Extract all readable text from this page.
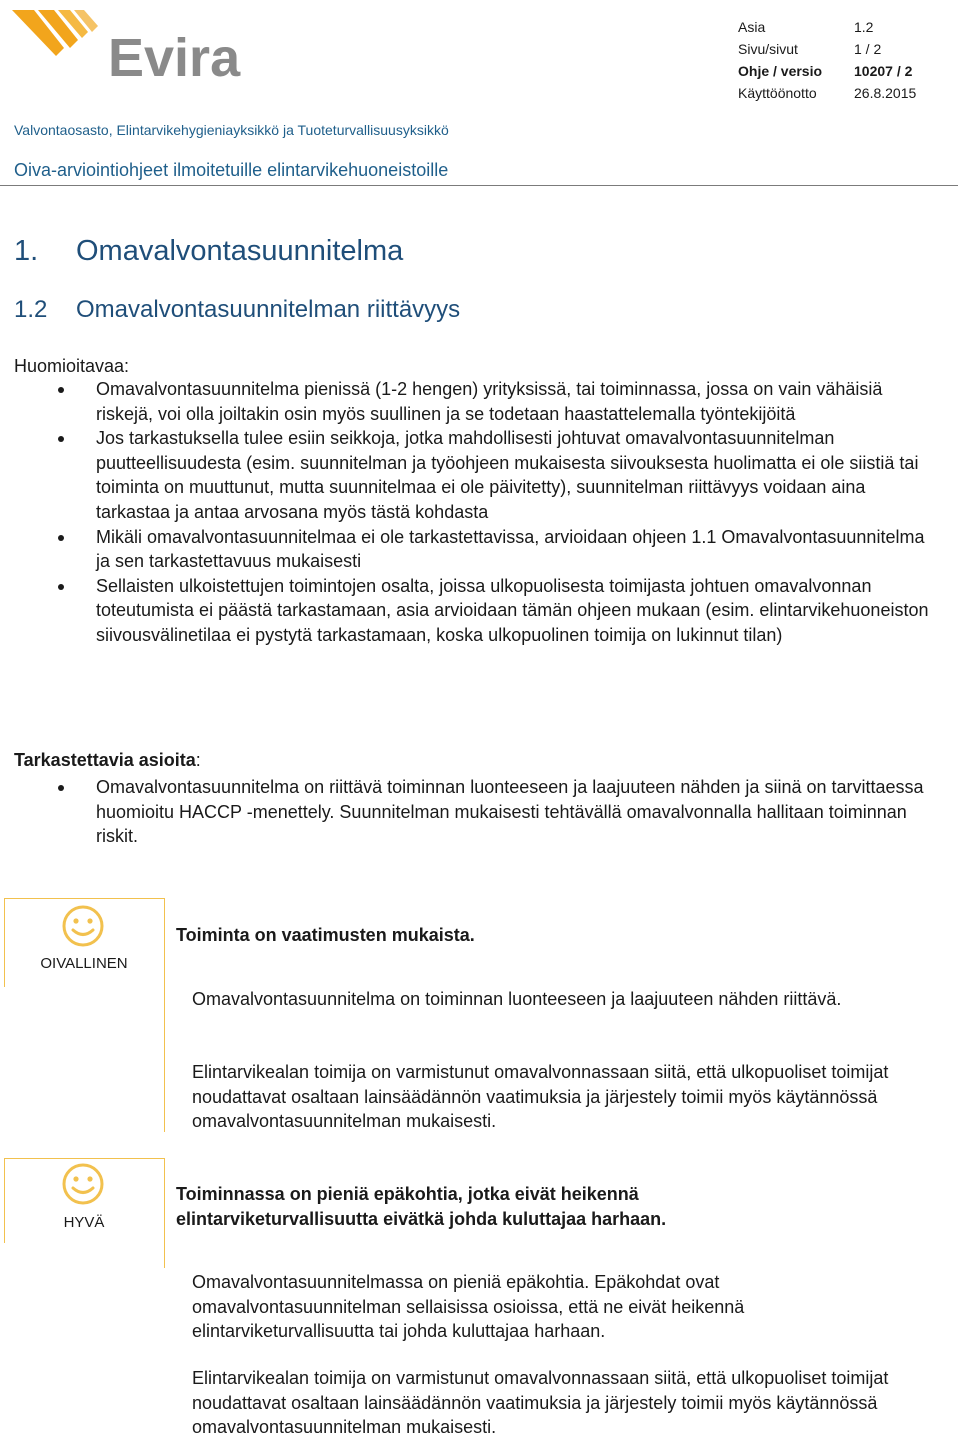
Evira
Asia	1.2
Sivu/sivut	1 / 2
Ohje / versio	10207 / 2
Käyttöönotto	26.8.2015
Valvontaosasto, Elintarvikehygieniayksikkö ja Tuoteturvallisuusyksikkö
Oiva-arviointiohjeet ilmoitetuille elintarvikehuoneistoille
1. Omavalvontasuunnitelma
1.2 Omavalvontasuunnitelman riittävyys
Huomioitavaa:
Omavalvontasuunnitelma pienissä (1-2 hengen) yrityksissä, tai toiminnassa, jossa on vain vähäisiä riskejä, voi olla joiltakin osin myös suullinen ja se todetaan haastattelemalla työntekijöitä
Jos tarkastuksella tulee esiin seikkoja, jotka mahdollisesti johtuvat omavalvontasuunnitelman puutteellisuudesta (esim. suunnitelman ja työohjeen mukaisesta siivouksesta huolimatta ei ole siistiä tai toiminta on muuttunut, mutta suunnitelmaa ei ole päivitetty), suunnitelman riittävyys voidaan aina tarkastaa ja antaa arvosana myös tästä kohdasta
Mikäli omavalvontasuunnitelmaa ei ole tarkastettavissa, arvioidaan ohjeen 1.1 Omavalvontasuunnitelma ja sen tarkastettavuus mukaisesti
Sellaisten ulkoistettujen toimintojen osalta, joissa ulkopuolisesta toimijasta johtuen omavalvonnan toteutumista ei päästä tarkastamaan, asia arvioidaan tämän ohjeen mukaan (esim. elintarvikehuoneiston siivousvälinetilaa ei pystytä tarkastamaan, koska ulkopuolinen toimija on lukinnut tilan)
Tarkastettavia asioita:
Omavalvontasuunnitelma on riittävä toiminnan luonteeseen ja laajuuteen nähden ja siinä on tarvittaessa huomioitu HACCP -menettely. Suunnitelman mukaisesti tehtävällä omavalvonnalla hallitaan toiminnan riskit.
OIVALLINEN
Toiminta on vaatimusten mukaista.
Omavalvontasuunnitelma on toiminnan luonteeseen ja laajuuteen nähden riittävä.
Elintarvikealan toimija on varmistunut omavalvonnassaan siitä, että ulkopuoliset toimijat noudattavat osaltaan lainsäädännön vaatimuksia ja järjestely toimii myös käytännössä omavalvontasuunnitelman mukaisesti.
HYVÄ
Toiminnassa on pieniä epäkohtia, jotka eivät heikennä elintarviketurvallisuutta eivätkä johda kuluttajaa harhaan.
Omavalvontasuunnitelmassa on pieniä epäkohtia. Epäkohdat ovat omavalvontasuunnitelman sellaisissa osioissa, että ne eivät heikennä elintarviketurvallisuutta tai johda kuluttajaa harhaan.
Elintarvikealan toimija on varmistunut omavalvonnassaan siitä, että ulkopuoliset toimijat noudattavat osaltaan lainsäädännön vaatimuksia ja järjestely toimii myös käytännössä omavalvontasuunnitelman mukaisesti.
